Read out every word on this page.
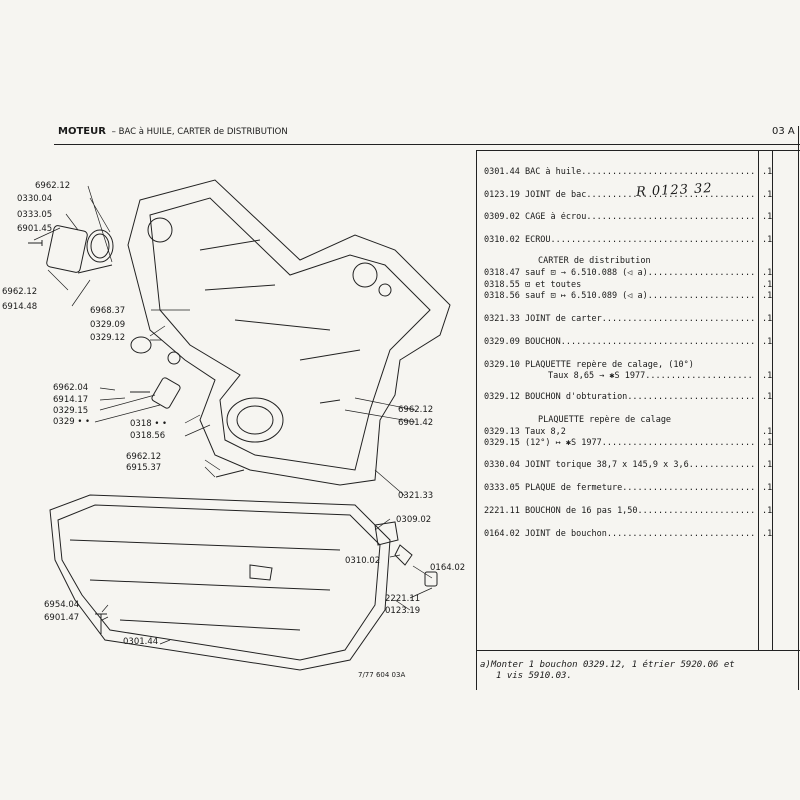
MOTEUR – BAC à HUILE, CARTER de DISTRIBUTION	03 A
6962.12
0330.04
0333.05
6901.45
6962.12
6914.48	6968.37
0329.09
0329.12
6962.04
6914.17
0329.15
0329 • •	0318 • •
0318.56
6962.12
6901.42
6962.12
6915.37
0321.33
0309.02
0310.02
0164.02
6954.04
6901.47
2221.11
0123.19
0301.44
0301.44 BAC à huile .....	.1
0123.19 JOINT de bac .....	.1
0309.02 CAGE à écrou .....	.1
0310.02 ECROU .....	.1
CARTER de distribution
0318.47 sauf ⊡ → 6.510.088 (◁ a) .....	.1
0318.55 ⊡ et toutes	.1
0318.56 sauf ⊡ ↦ 6.510.089 (◁ a) .....	.1
0321.33 JOINT de carter .....	.1
0329.09 BOUCHON .....	.1
0329.10 PLAQUETTE repère de calage, (10°)
Taux 8,65 → ✱S 1977 .....	.1
0329.12 BOUCHON d'obturation .....	.1
PLAQUETTE repère de calage
0329.13 Taux 8,2	.1
0329.15 (12°) ↦ ✱S 1977 .....	.1
0330.04 JOINT torique 38,7 x 145,9 x 3,6 .....	.1
0333.05 PLAQUE de fermeture .....	.1
2221.11 BOUCHON de 16 pas 1,50 .....	.1
0164.02 JOINT de bouchon .....	.1
R 0123 32
a)Monter 1 bouchon 0329.12, 1 étrier 5920.06 et
1 vis 5910.03.
7/77 604 03A
